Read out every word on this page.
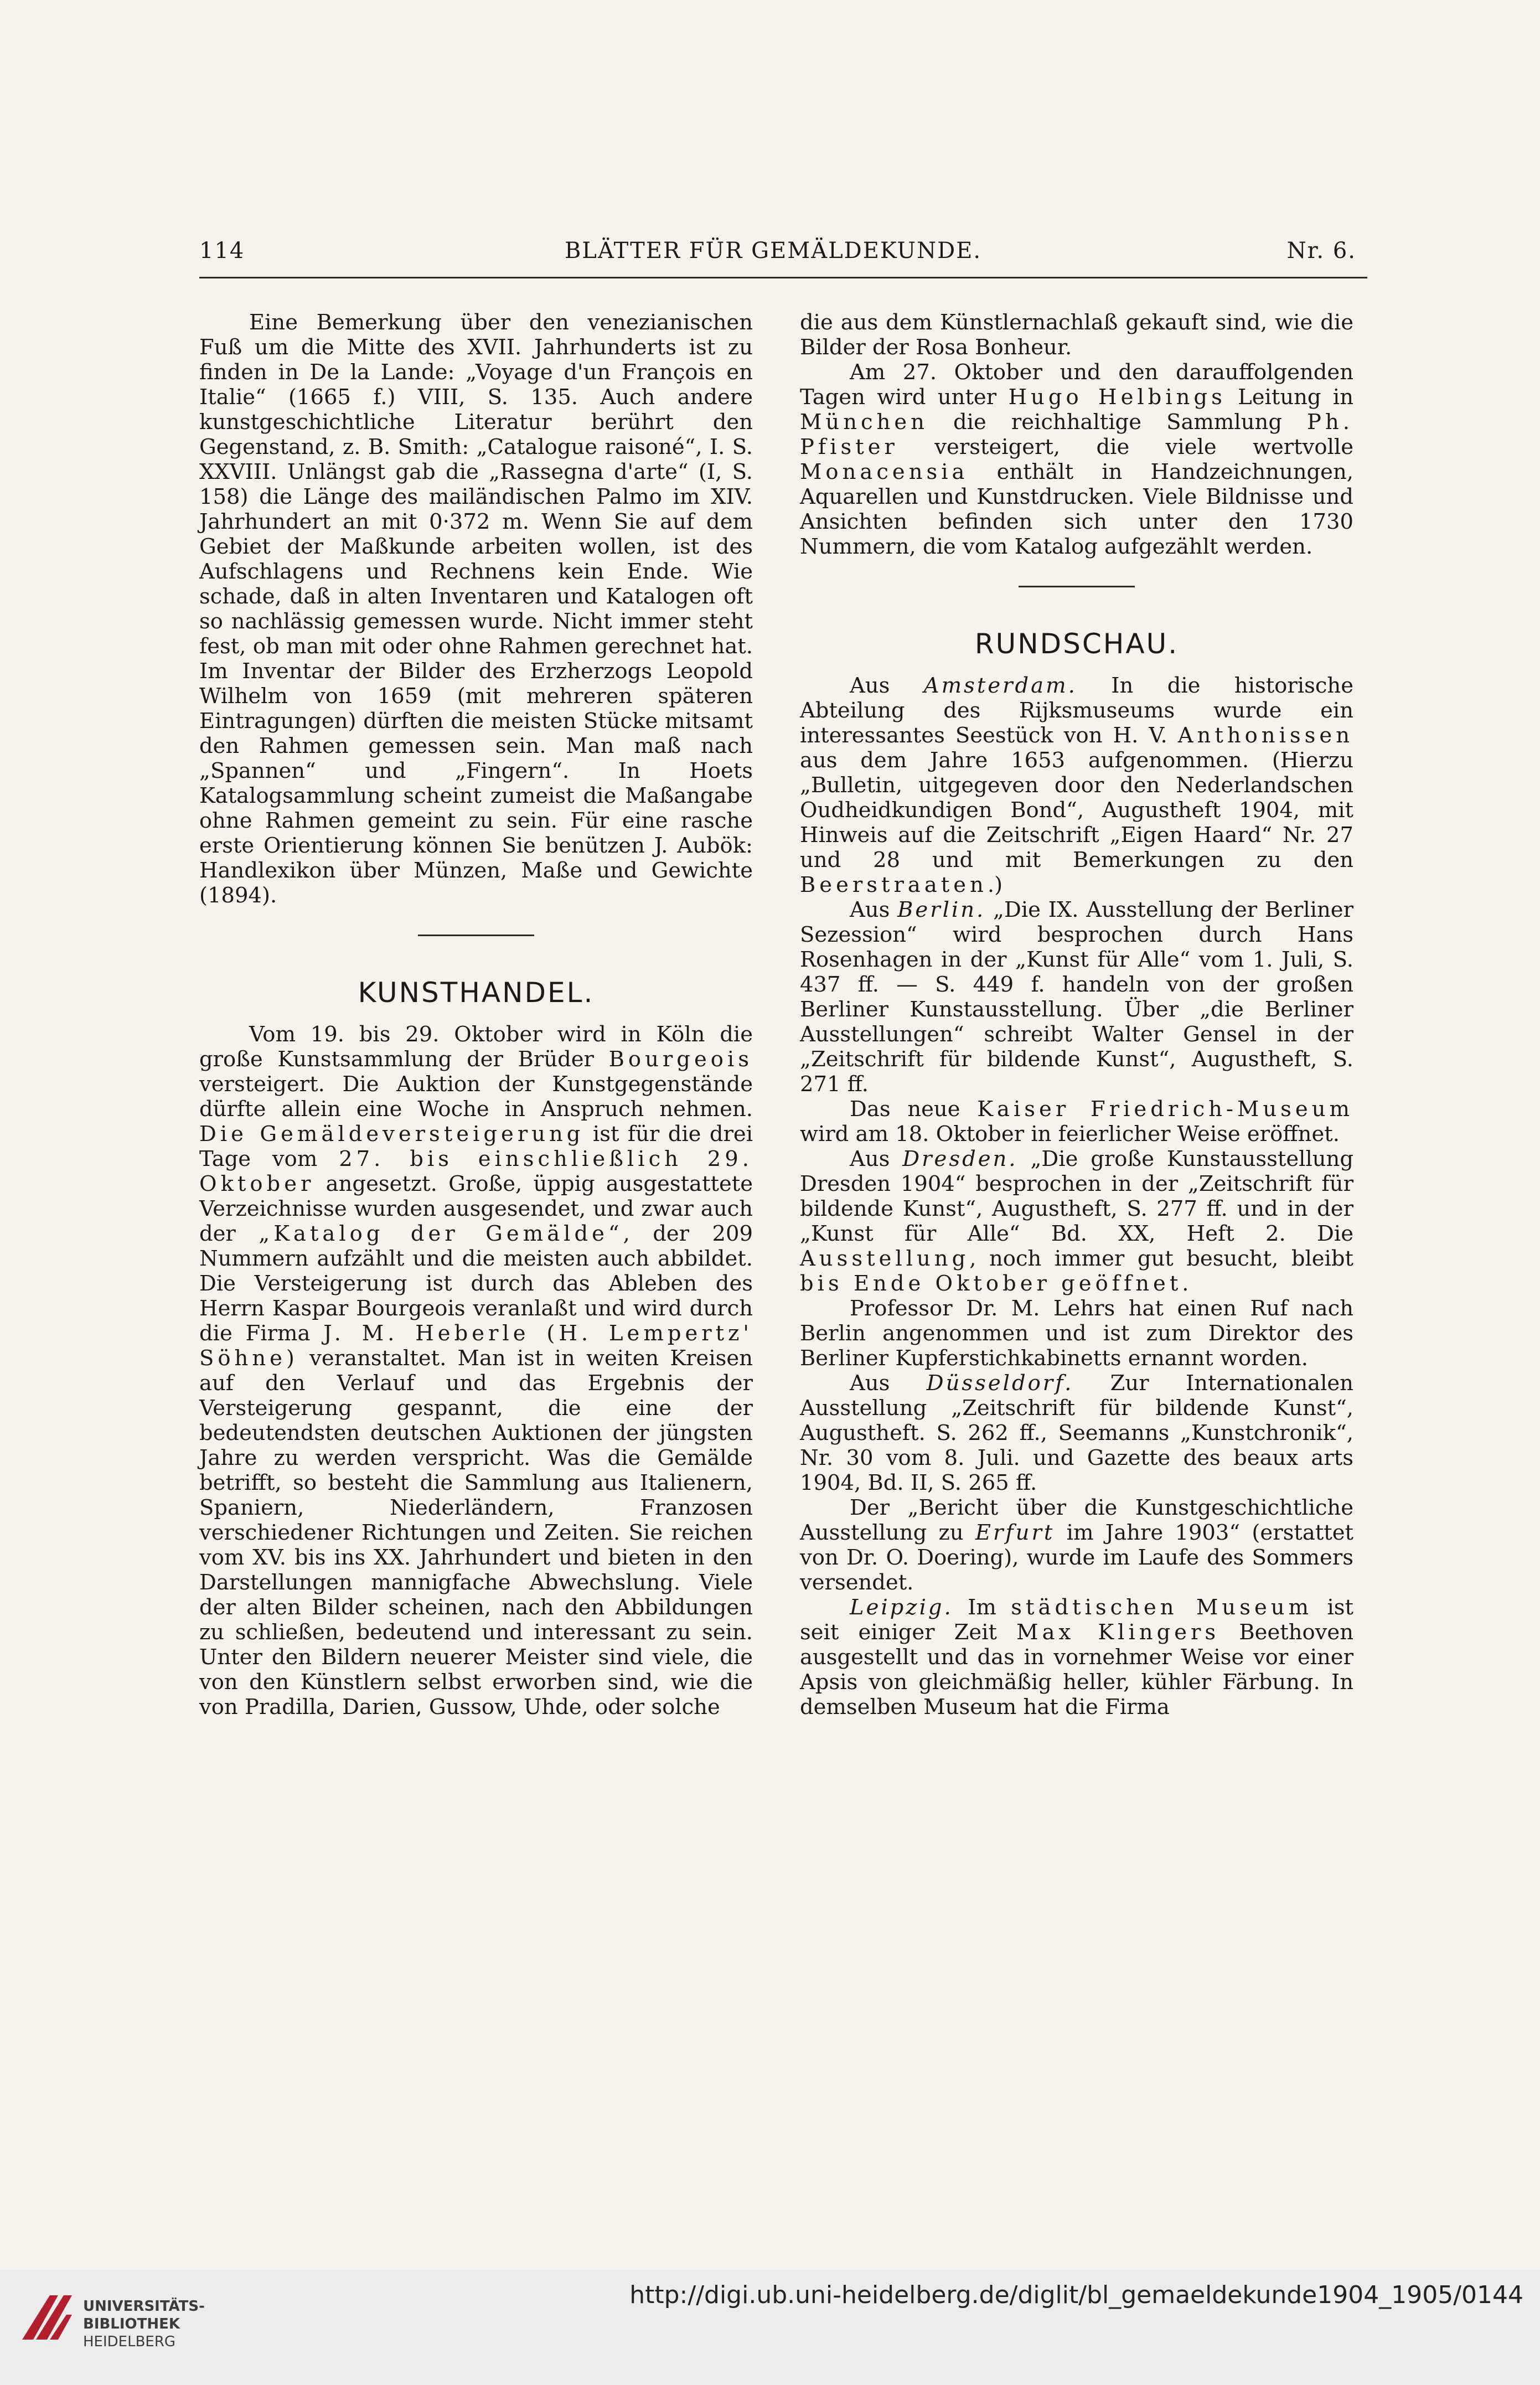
114	BLÄTTER FÜR GEMÄLDEKUNDE.	Nr. 6.

Eine Bemerkung über den venezianischen Fuß um die Mitte des XVII. Jahrhunderts ist zu finden in De la Lande: „Voyage d'un François en Italie“ (1665 f.) VIII, S. 135. Auch andere kunstgeschichtliche Literatur berührt den Gegenstand, z. B. Smith: „Catalogue raisoné“, I. S. XXVIII. Unlängst gab die „Rassegna d'arte“ (I, S. 158) die Länge des mailändischen Palmo im XIV. Jahrhundert an mit 0·372 m. Wenn Sie auf dem Gebiet der Maßkunde arbeiten wollen, ist des Aufschlagens und Rechnens kein Ende. Wie schade, daß in alten Inventaren und Katalogen oft so nachlässig gemessen wurde. Nicht immer steht fest, ob man mit oder ohne Rahmen gerechnet hat. Im Inventar der Bilder des Erzherzogs Leopold Wilhelm von 1659 (mit mehreren späteren Eintragungen) dürften die meisten Stücke mitsamt den Rahmen gemessen sein. Man maß nach „Spannen“ und „Fingern“. In Hoets Katalogsammlung scheint zumeist die Maßangabe ohne Rahmen gemeint zu sein. Für eine rasche erste Orientierung können Sie benützen J. Aubök: Handlexikon über Münzen, Maße und Gewichte (1894).

KUNSTHANDEL.

Vom 19. bis 29. Oktober wird in Köln die große Kunstsammlung der Brüder Bourgeois versteigert. Die Auktion der Kunstgegenstände dürfte allein eine Woche in Anspruch nehmen. Die Gemäldeversteigerung ist für die drei Tage vom 27. bis einschließlich 29. Oktober angesetzt. Große, üppig ausgestattete Verzeichnisse wurden ausgesendet, und zwar auch der „Katalog der Gemälde“, der 209 Nummern aufzählt und die meisten auch abbildet. Die Versteigerung ist durch das Ableben des Herrn Kaspar Bourgeois veranlaßt und wird durch die Firma J. M. Heberle (H. Lempertz' Söhne) veranstaltet. Man ist in weiten Kreisen auf den Verlauf und das Ergebnis der Versteigerung gespannt, die eine der bedeutendsten deutschen Auktionen der jüngsten Jahre zu werden verspricht. Was die Gemälde betrifft, so besteht die Sammlung aus Italienern, Spaniern, Niederländern, Franzosen verschiedener Richtungen und Zeiten. Sie reichen vom XV. bis ins XX. Jahrhundert und bieten in den Darstellungen mannigfache Abwechslung. Viele der alten Bilder scheinen, nach den Abbildungen zu schließen, bedeutend und interessant zu sein. Unter den Bildern neuerer Meister sind viele, die von den Künstlern selbst erworben sind, wie die von Pradilla, Darien, Gussow, Uhde, oder solche

die aus dem Künstlernachlaß gekauft sind, wie die Bilder der Rosa Bonheur.

Am 27. Oktober und den darauffolgenden Tagen wird unter Hugo Helbings Leitung in München die reichhaltige Sammlung Ph. Pfister versteigert, die viele wertvolle Monacensia enthält in Handzeichnungen, Aquarellen und Kunstdrucken. Viele Bildnisse und Ansichten befinden sich unter den 1730 Nummern, die vom Katalog aufgezählt werden.

RUNDSCHAU.

Aus Amsterdam. In die historische Abteilung des Rijksmuseums wurde ein interessantes Seestück von H. V. Anthonissen aus dem Jahre 1653 aufgenommen. (Hierzu „Bulletin, uitgegeven door den Nederlandschen Oudheidkundigen Bond“, Augustheft 1904, mit Hinweis auf die Zeitschrift „Eigen Haard“ Nr. 27 und 28 und mit Bemerkungen zu den Beerstraaten.)

Aus Berlin. „Die IX. Ausstellung der Berliner Sezession“ wird besprochen durch Hans Rosenhagen in der „Kunst für Alle“ vom 1. Juli, S. 437 ff. — S. 449 f. handeln von der großen Berliner Kunstausstellung. Über „die Berliner Ausstellungen“ schreibt Walter Gensel in der „Zeitschrift für bildende Kunst“, Augustheft, S. 271 ff.

Das neue Kaiser Friedrich-Museum wird am 18. Oktober in feierlicher Weise eröffnet.

Aus Dresden. „Die große Kunstausstellung Dresden 1904“ besprochen in der „Zeitschrift für bildende Kunst“, Augustheft, S. 277 ff. und in der „Kunst für Alle“ Bd. XX, Heft 2. Die Ausstellung, noch immer gut besucht, bleibt bis Ende Oktober geöffnet.

Professor Dr. M. Lehrs hat einen Ruf nach Berlin angenommen und ist zum Direktor des Berliner Kupferstichkabinetts ernannt worden.

Aus Düsseldorf. Zur Internationalen Ausstellung „Zeitschrift für bildende Kunst“, Augustheft. S. 262 ff., Seemanns „Kunstchronik“, Nr. 30 vom 8. Juli. und Gazette des beaux arts 1904, Bd. II, S. 265 ff.

Der „Bericht über die Kunstgeschichtliche Ausstellung zu Erfurt im Jahre 1903“ (erstattet von Dr. O. Doering), wurde im Laufe des Sommers versendet.

Leipzig. Im städtischen Museum ist seit einiger Zeit Max Klingers Beethoven ausgestellt und das in vornehmer Weise vor einer Apsis von gleichmäßig heller, kühler Färbung. In demselben Museum hat die Firma

UNIVERSITÄTS-
BIBLIOTHEK
HEIDELBERG
http://digi.ub.uni-heidelberg.de/diglit/bl_gemaeldekunde1904_1905/0144
